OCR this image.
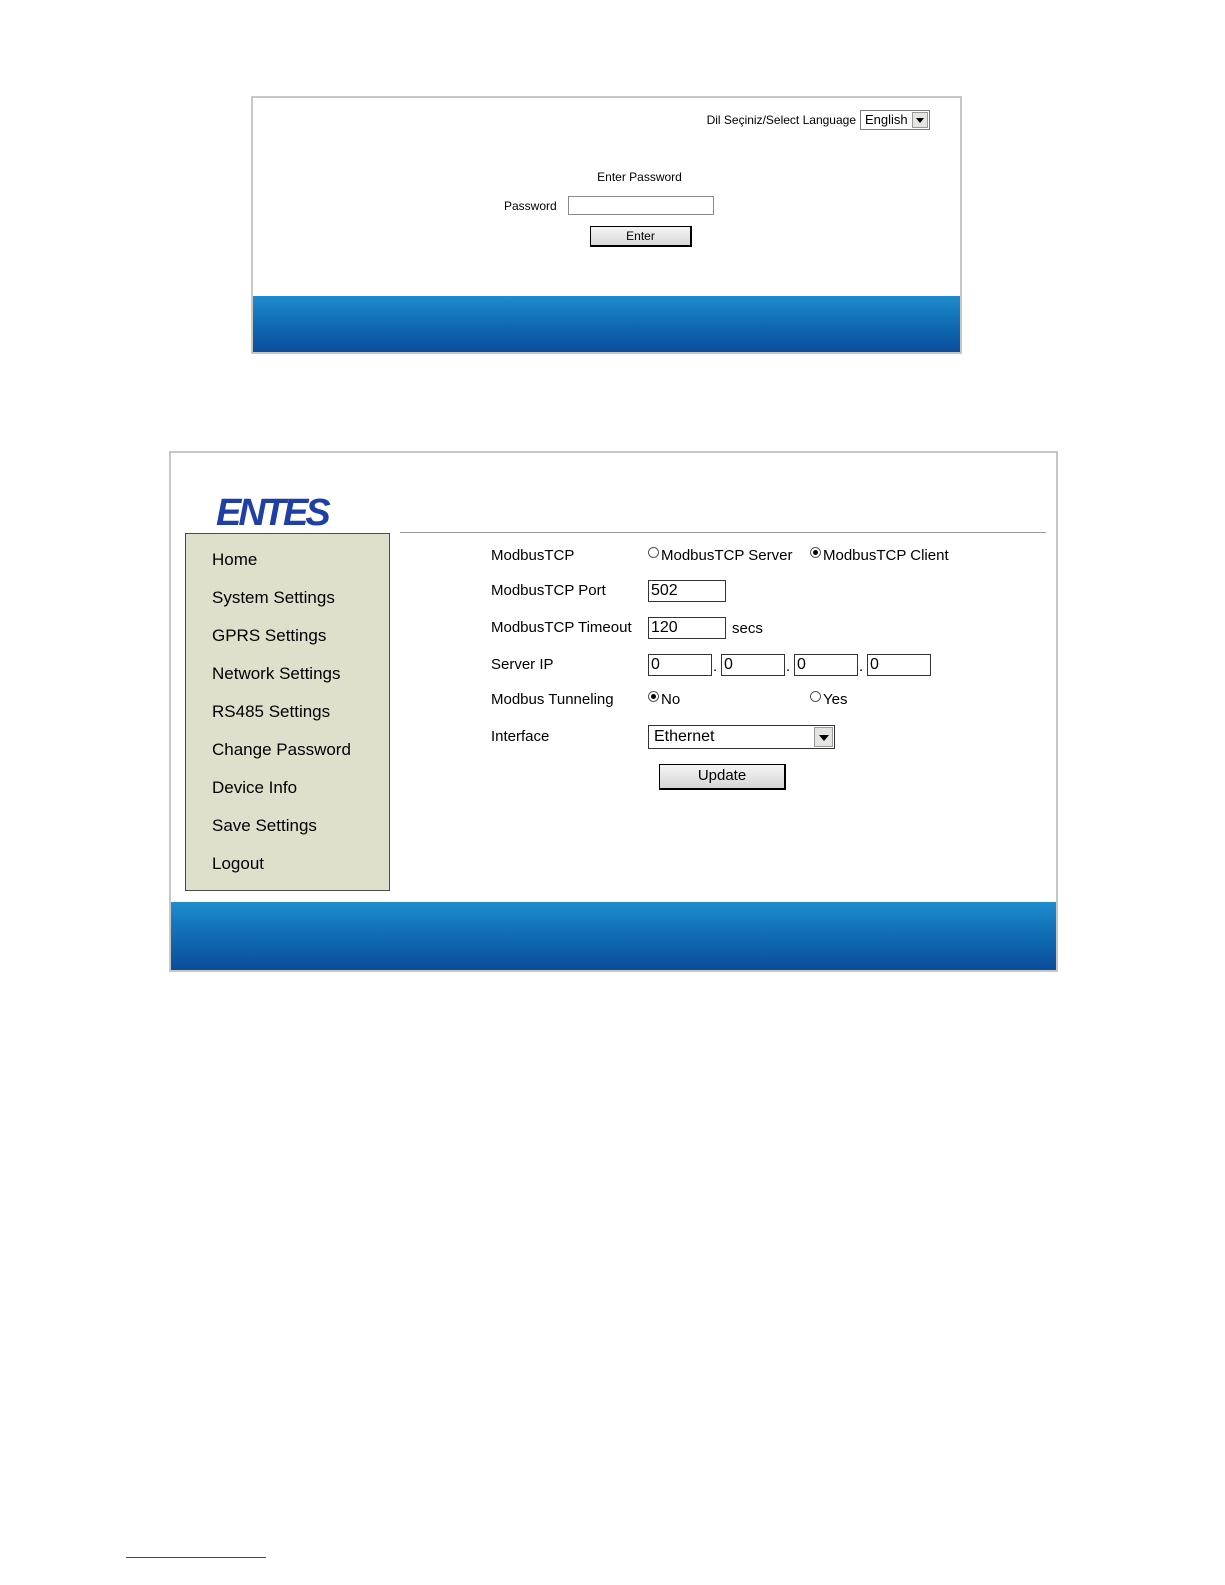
Dil Seçiniz/Select Language English
Enter Password
Password
Enter
ENTES
Home
System Settings
GPRS Settings
Network Settings
RS485 Settings
Change Password
Device Info
Save Settings
Logout
ModbusTCP	ModbusTCP Server ModbusTCP Client
ModbusTCP Port	502
ModbusTCP Timeout 120	secs
Server IP	0	. 0	. 0	. 0
Modbus Tunneling	No	Yes
Interface	Ethernet
Update
